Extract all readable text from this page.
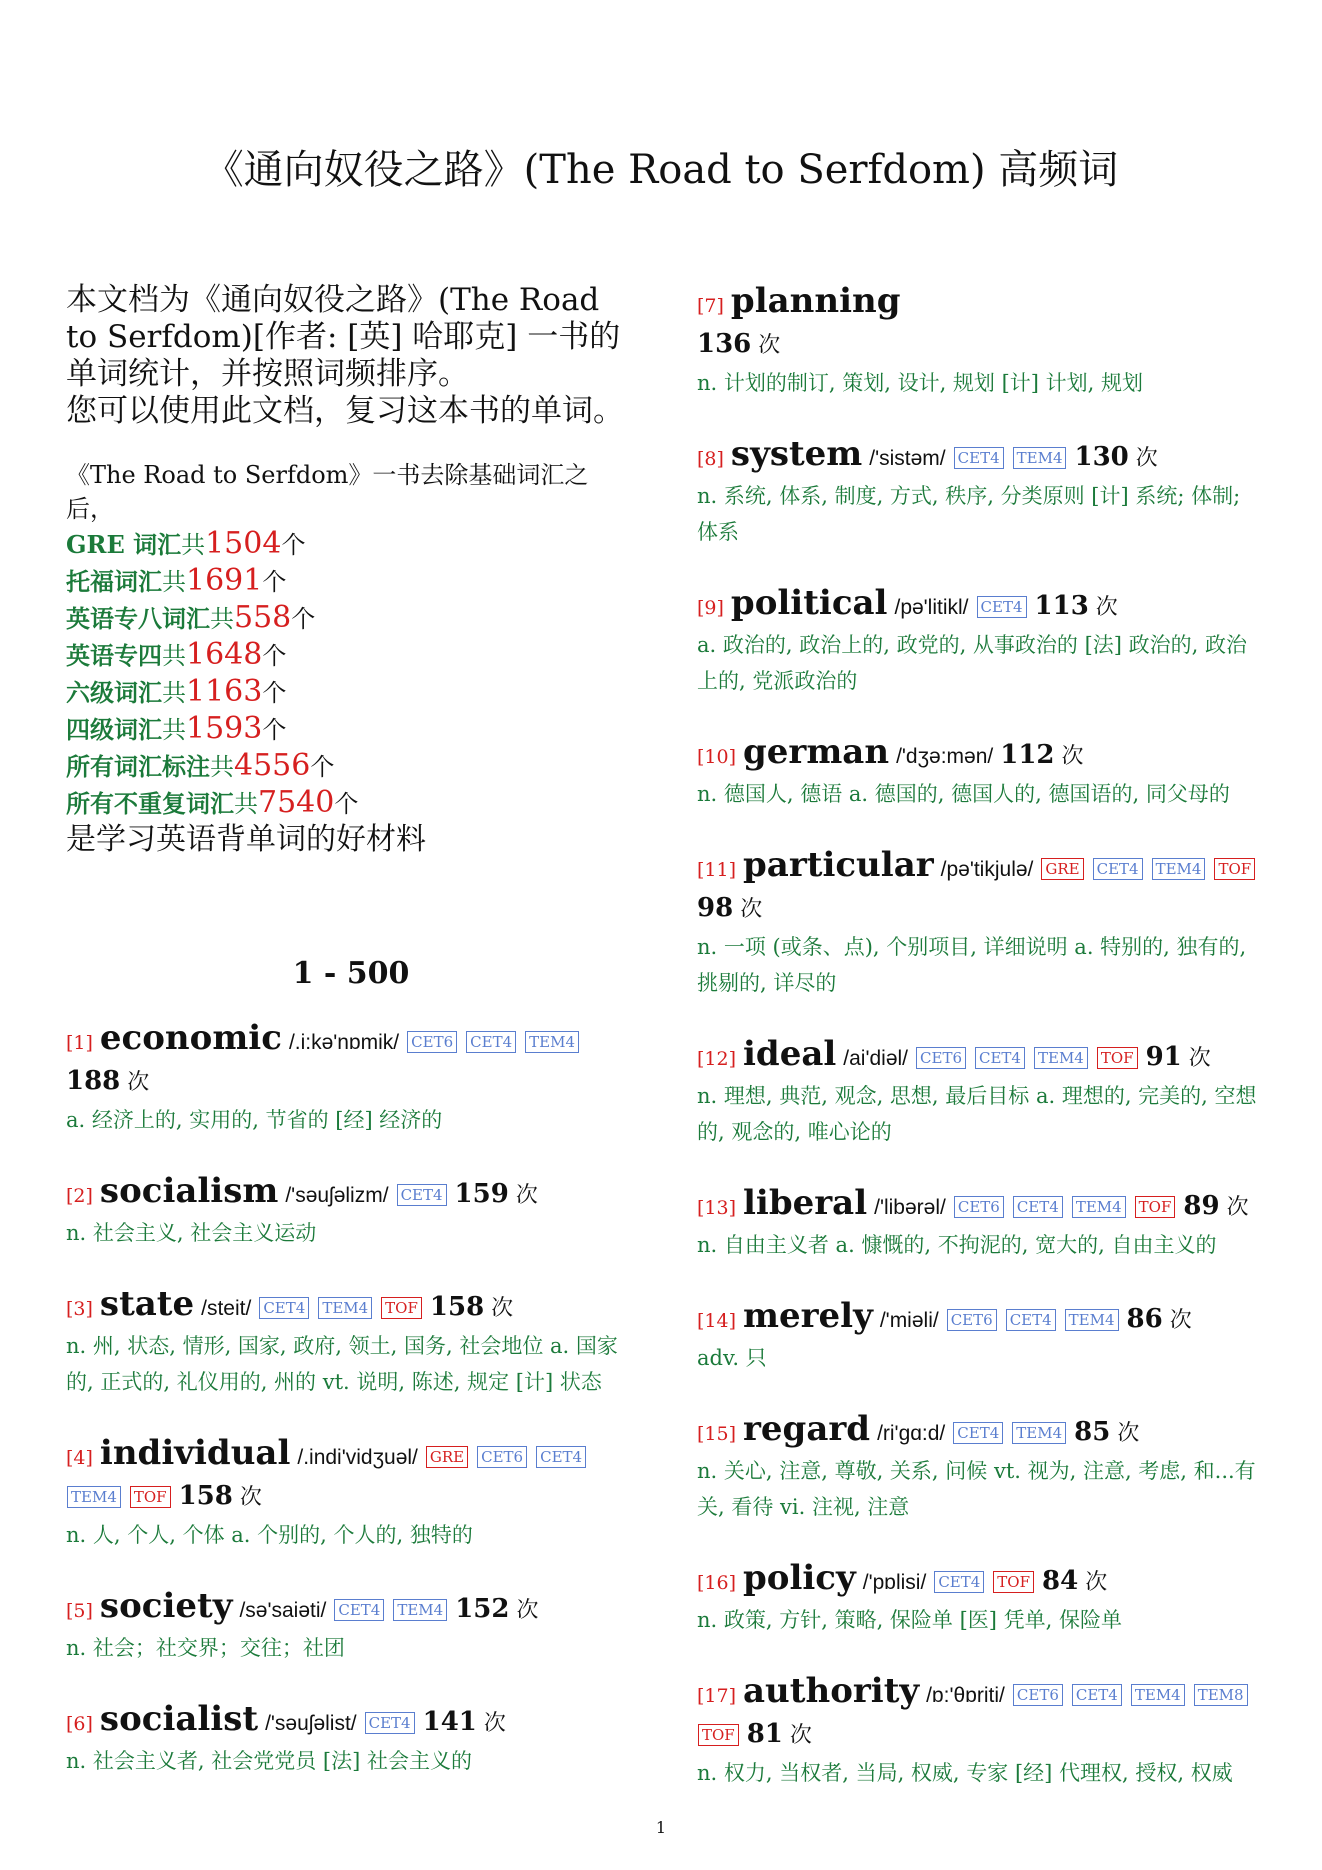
《通向奴役之路》(The Road to Serfdom) 高频词

本文档为《通向奴役之路》(The Road to Serfdom)[作者: [英] 哈耶克] 一书的单词统计，并按照词频排序。
您可以使用此文档，复习这本书的单词。

《The Road to Serfdom》一书去除基础词汇之后，

GRE 词汇共1504个

托福词汇共1691个

英语专八词汇共558个

英语专四共1648个

六级词汇共1163个

四级词汇共1593个

所有词汇标注共4556个

所有不重复词汇共7540个

是学习英语背单词的好材料

1 - 500
[1] economic /.i:kə'nɒmik/ CET6 CET4 TEM4 188 次

a. 经济上的, 实用的, 节省的 [经] 经济的

[2] socialism /'səuʃəlizm/ CET4 159 次

n. 社会主义, 社会主义运动

[3] state /steit/ CET4 TEM4 TOF 158 次

n. 州, 状态, 情形, 国家, 政府, 领土, 国务, 社会地位 a. 国家的, 正式的, 礼仪用的, 州的 vt. 说明, 陈述, 规定 [计] 状态

[4] individual /.indi'vidʒuəl/ GRE CET6 CET4 TEM4 TOF 158 次

n. 人, 个人, 个体 a. 个别的, 个人的, 独特的

[5] society /sə'saiəti/ CET4 TEM4 152 次

n. 社会；社交界；交往；社团

[6] socialist /'səuʃəlist/ CET4 141 次

n. 社会主义者, 社会党党员 [法] 社会主义的

[7] planning
136 次

n. 计划的制订, 策划, 设计, 规划 [计] 计划, 规划

[8] system /'sistəm/ CET4 TEM4 130 次

n. 系统, 体系, 制度, 方式, 秩序, 分类原则 [计] 系统; 体制; 体系

[9] political /pə'litikl/ CET4 113 次

a. 政治的, 政治上的, 政党的, 从事政治的 [法] 政治的, 政治上的, 党派政治的

[10] german /'dʒə:mən/ 112 次

n. 德国人, 德语 a. 德国的, 德国人的, 德国语的, 同父母的

[11] particular /pə'tikjulə/ GRE CET4 TEM4 TOF 98 次

n. 一项 (或条、点), 个别项目, 详细说明 a. 特别的, 独有的, 挑剔的, 详尽的

[12] ideal /ai'diəl/ CET6 CET4 TEM4 TOF 91 次

n. 理想, 典范, 观念, 思想, 最后目标 a. 理想的, 完美的, 空想的, 观念的, 唯心论的

[13] liberal /'libərəl/ CET6 CET4 TEM4 TOF 89 次

n. 自由主义者 a. 慷慨的, 不拘泥的, 宽大的, 自由主义的

[14] merely /'miəli/ CET6 CET4 TEM4 86 次

adv. 只

[15] regard /ri'gɑ:d/ CET4 TEM4 85 次

n. 关心, 注意, 尊敬, 关系, 问候 vt. 视为, 注意, 考虑, 和...有关, 看待 vi. 注视, 注意

[16] policy /'pɒlisi/ CET4 TOF 84 次

n. 政策, 方针, 策略, 保险单 [医] 凭单, 保险单

[17] authority /ɒ:'θɒriti/ CET6 CET4 TEM4 TEM8 TOF 81 次

n. 权力, 当权者, 当局, 权威, 专家 [经] 代理权, 授权, 权威

1
